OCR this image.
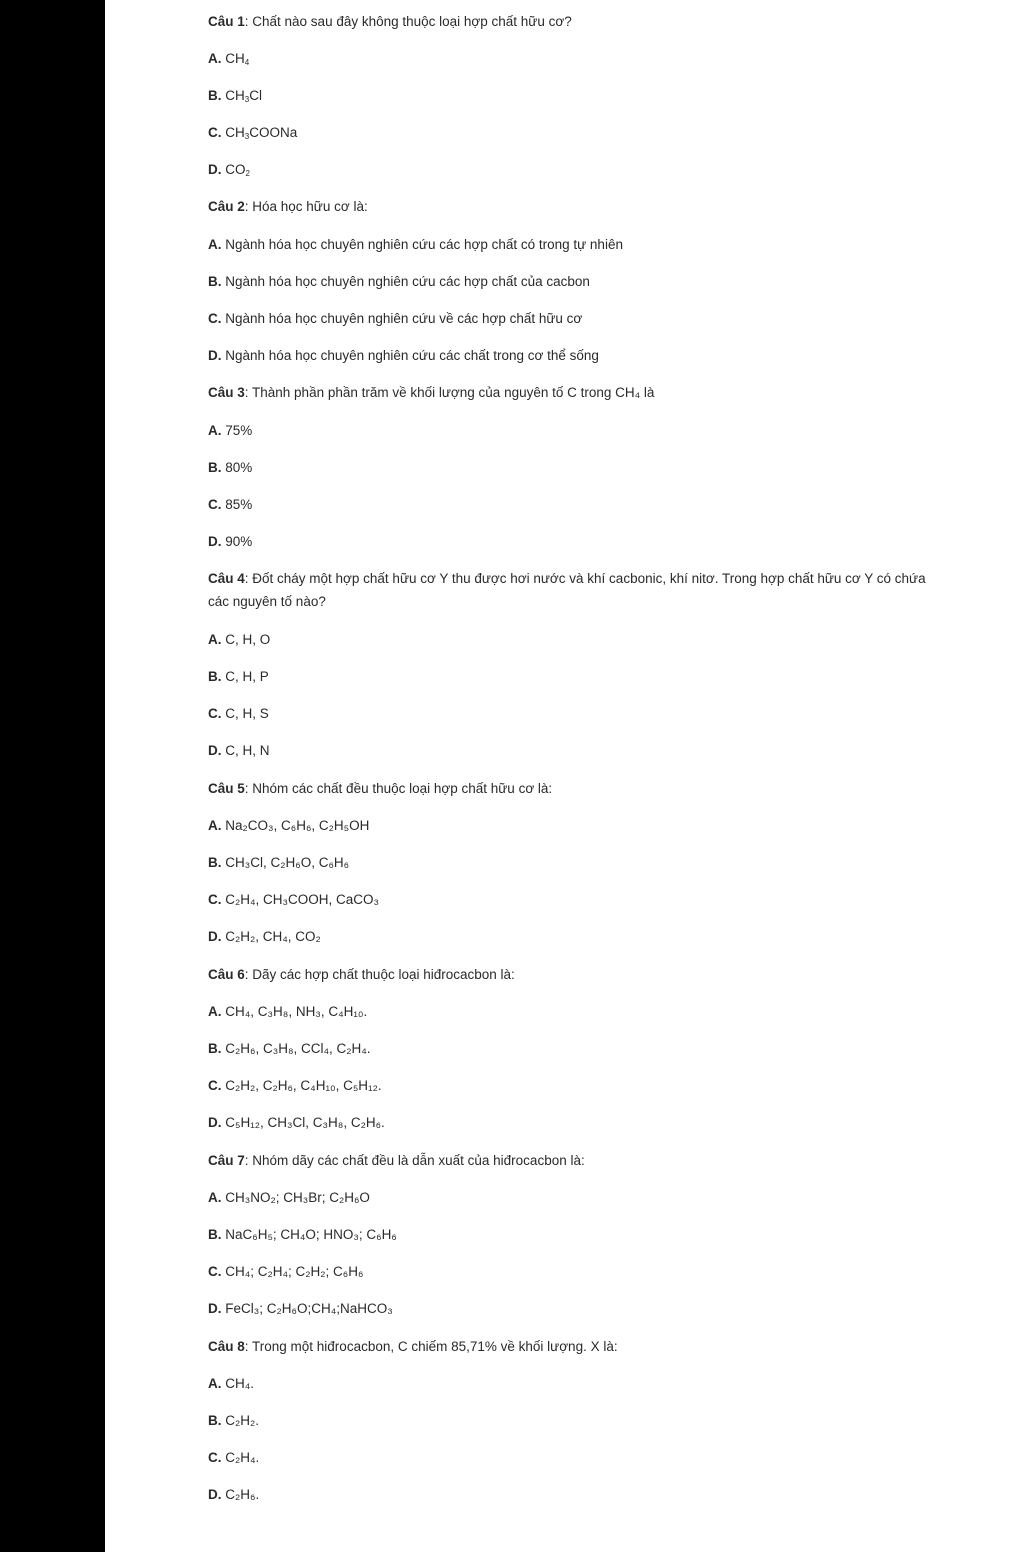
Câu 1: Chất nào sau đây không thuộc loại hợp chất hữu cơ?
A. $CH_4$
B. $CH_3Cl$
C. $CH_3COONa$
D. $CO_2$
Câu 2: Hóa học hữu cơ là:
A. Ngành hóa học chuyên nghiên cứu các hợp chất có trong tự nhiên
B. Ngành hóa học chuyên nghiên cứu các hợp chất của cacbon
C. Ngành hóa học chuyên nghiên cứu về các hợp chất hữu cơ
D. Ngành hóa học chuyên nghiên cứu các chất trong cơ thể sống
Câu 3: Thành phần phần trăm về khối lượng của nguyên tố C trong CH₄ là
A. 75%
B. 80%
C. 85%
D. 90%
Câu 4: Đốt cháy một hợp chất hữu cơ Y thu được hơi nước và khí cacbonic, khí nitơ. Trong hợp chất hữu cơ Y có chứa các nguyên tố nào?
A. C, H, O
B. C, H, P
C. C, H, S
D. C, H, N
Câu 5: Nhóm các chất đều thuộc loại hợp chất hữu cơ là:
A. Na₂CO₃, C₆H₆, C₂H₅OH
B. CH₃Cl, C₂H₆O, C₆H₆
C. C₂H₄, CH₃COOH, CaCO₃
D. C₂H₂, CH₄, CO₂
Câu 6: Dãy các hợp chất thuộc loại hiđrocacbon là:
A. CH₄, C₃H₈, NH₃, C₄H₁₀.
B. C₂H₆, C₃H₈, CCl₄, C₂H₄.
C. C₂H₂, C₂H₆, C₄H₁₀, C₅H₁₂.
D. C₅H₁₂, CH₃Cl, C₃H₈, C₂H₆.
Câu 7: Nhóm dãy các chất đều là dẫn xuất của hiđrocacbon là:
A. CH₃NO₂; CH₃Br; C₂H₆O
B. NaC₆H₅; CH₄O; HNO₃; C₆H₆
C. CH₄; C₂H₄; C₂H₂; C₆H₆
D. FeCl₃; C₂H₆O;CH₄;NaHCO₃
Câu 8: Trong một hiđrocacbon, C chiếm 85,71% về khối lượng. X là:
A. CH₄.
B. C₂H₂.
C. C₂H₄.
D. C₂H₆.
